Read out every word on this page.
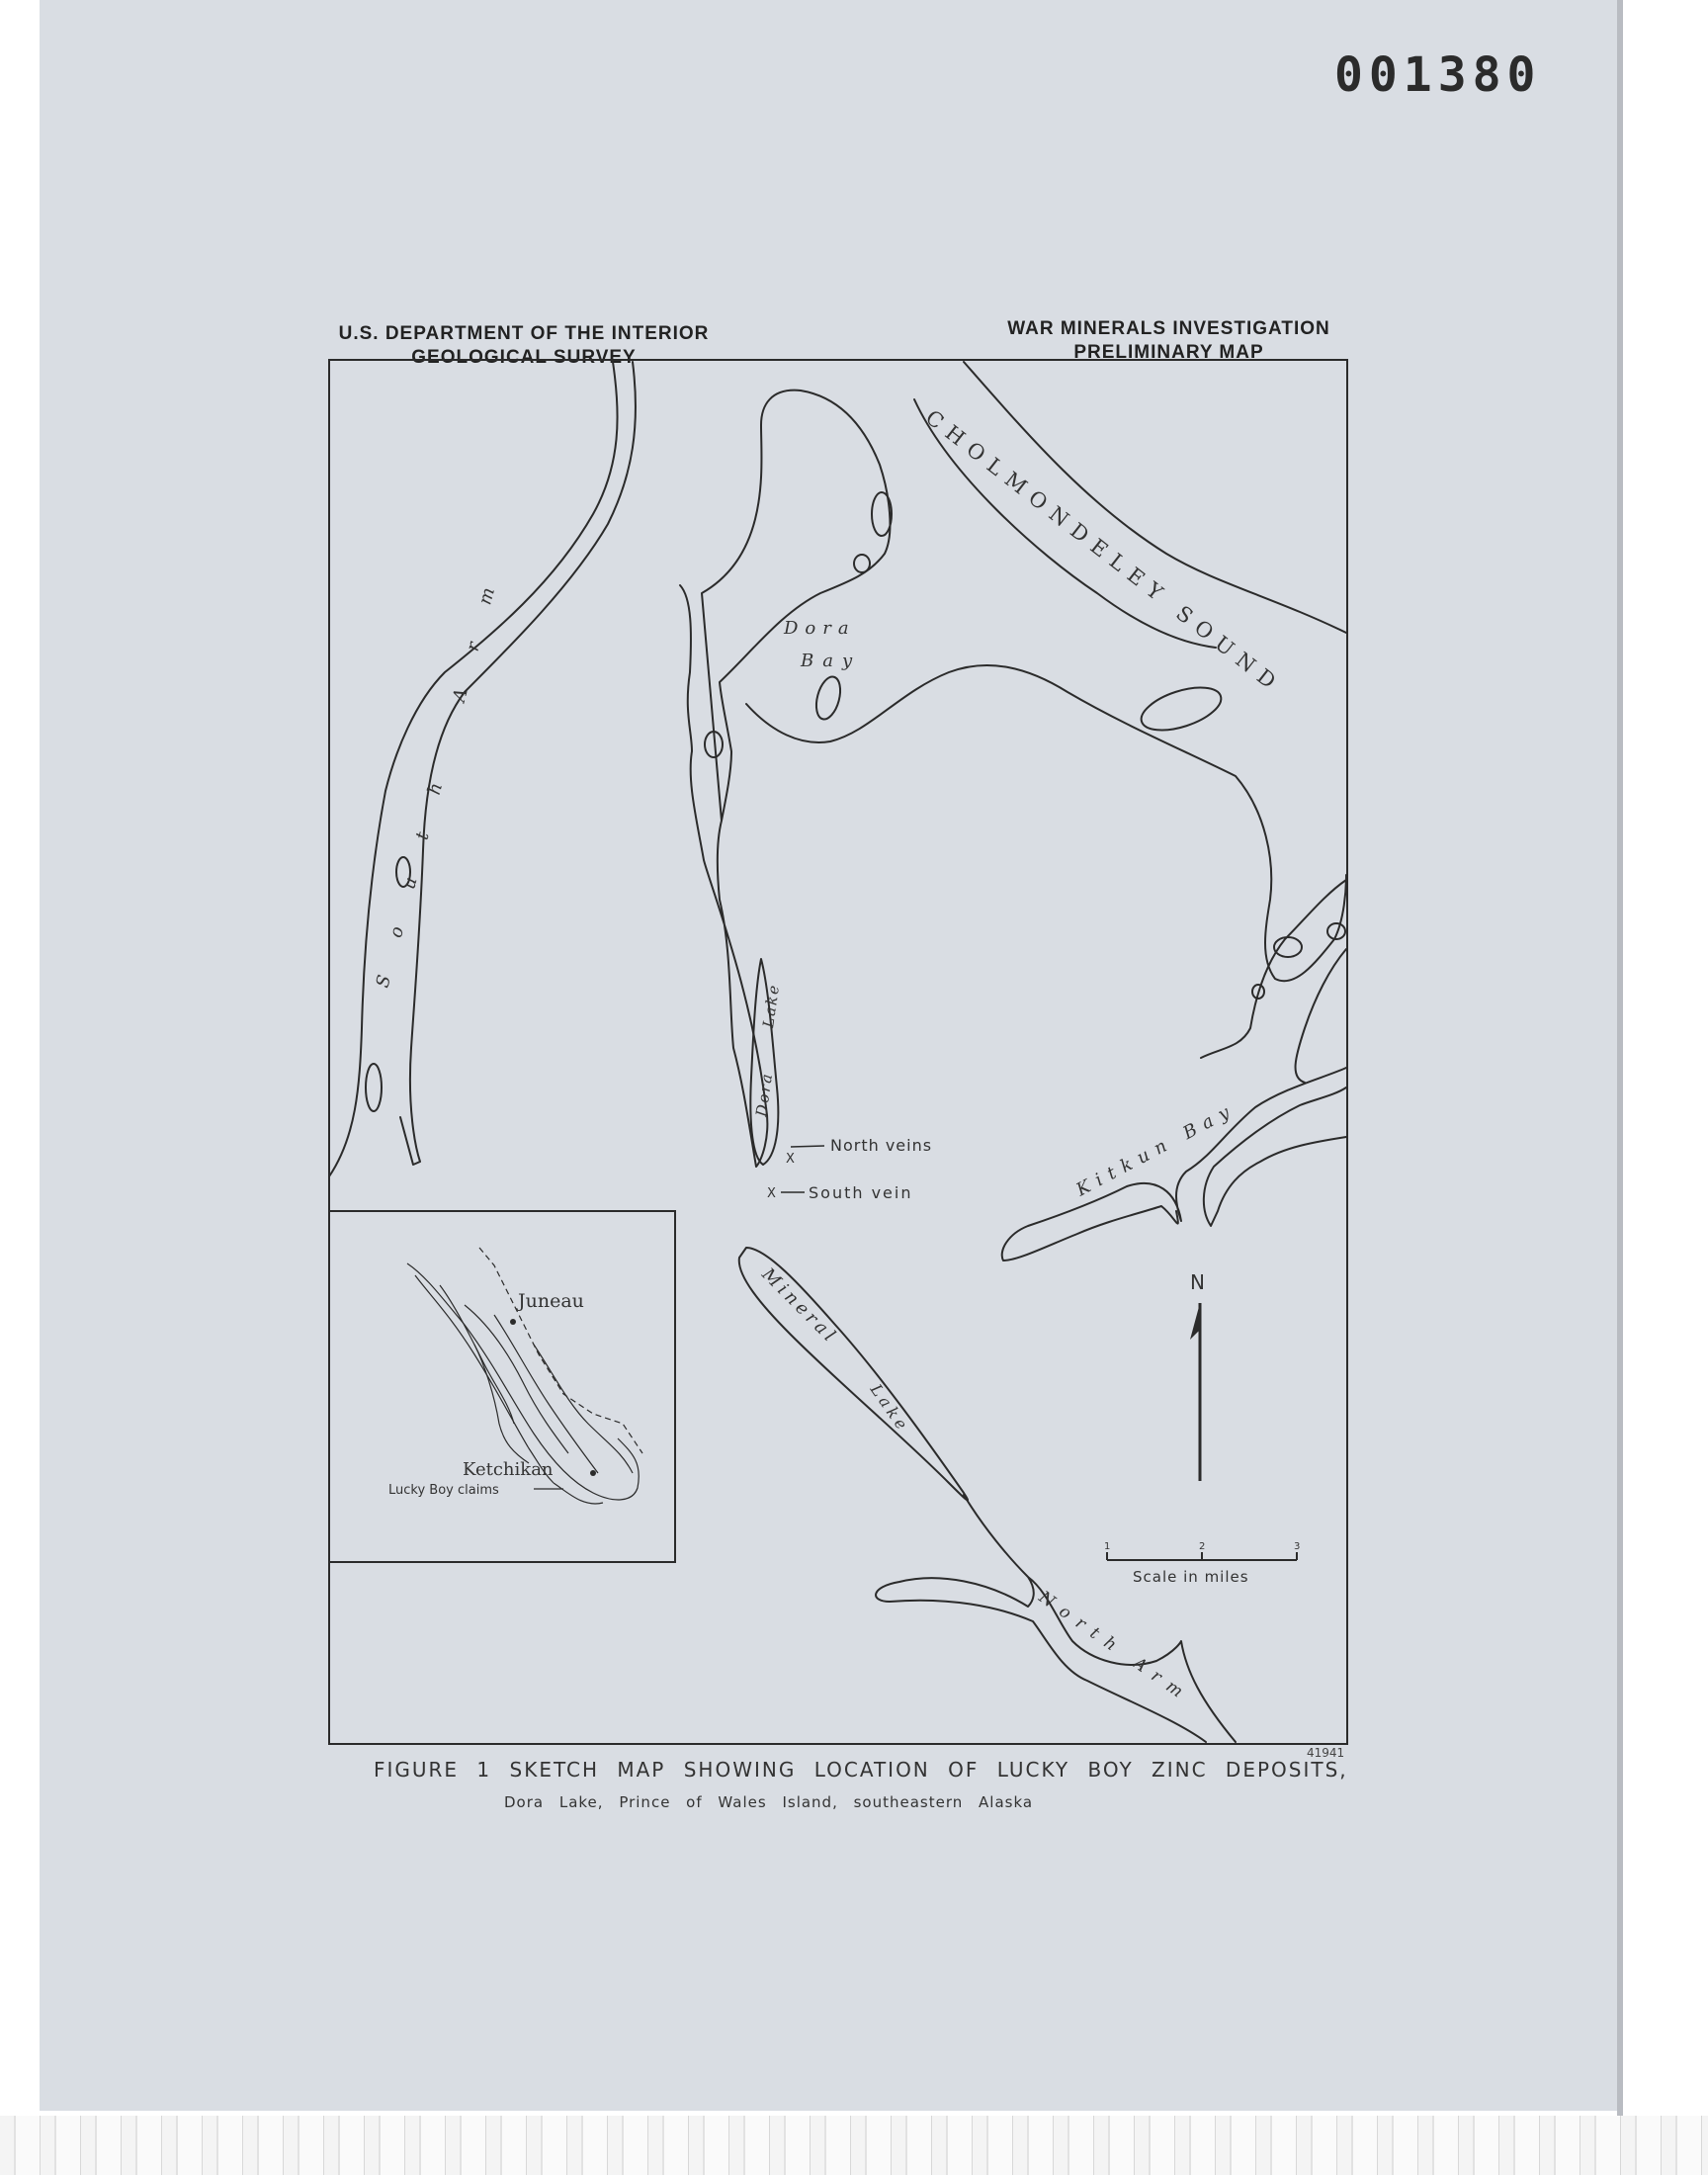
001380
U.S. DEPARTMENT OF THE INTERIOR
GEOLOGICAL SURVEY
WAR MINERALS INVESTIGATION
PRELIMINARY MAP
X
North veins
X South vein
CHOLMONDELEY SOUND
South Arm	Dora
Bay
Lake
Dora
Kitkun Bay
Mineral
Lake
North Arm
N
1	2	3
Scale in miles
Juneau
Ketchikan
Lucky Boy claims
FIGURE 1 SKETCH MAP SHOWING LOCATION OF LUCKY BOY ZINC DEPOSITS,
Dora Lake, Prince of Wales Island, southeastern Alaska
41941
